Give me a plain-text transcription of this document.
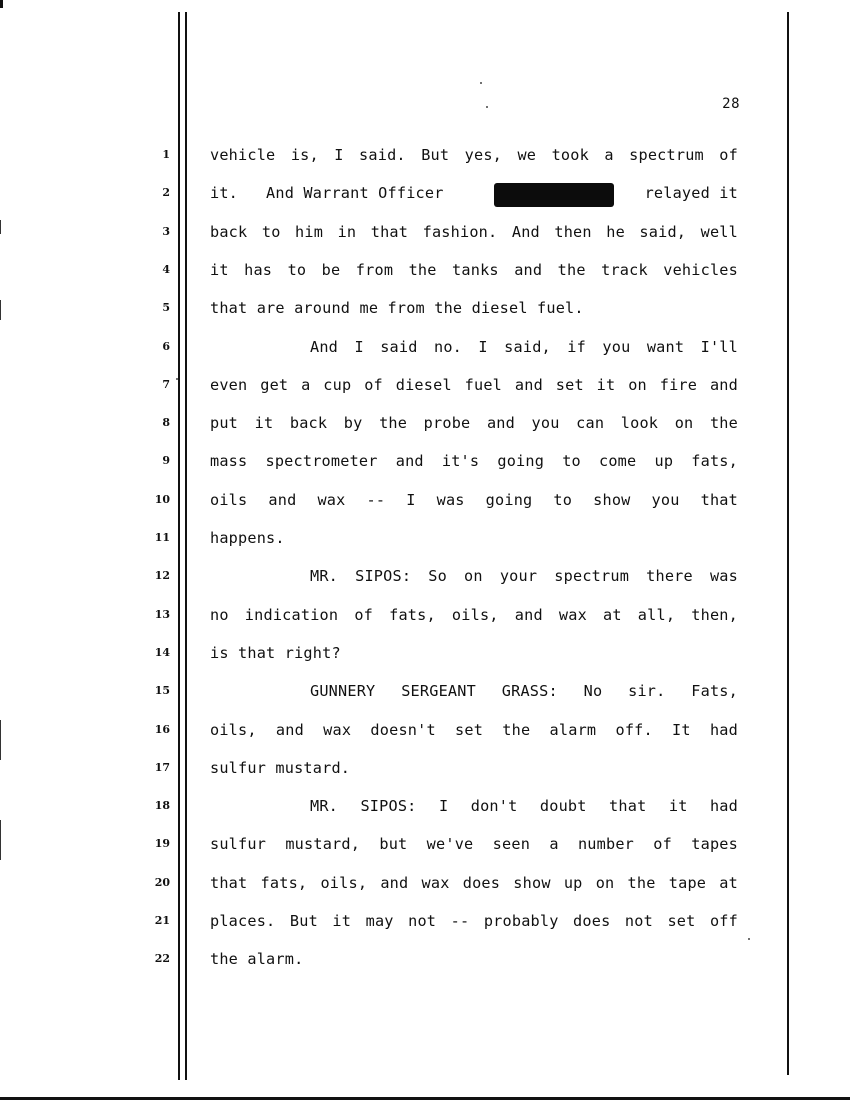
28
1
2
3
4
5
6
7
8
9
10
11
12
13
14
15
16
17
18
19
20
21
22
vehicle is, I said. But yes, we took a spectrum of
it.   And Warrant Officer	relayed it
back to him in that fashion. And then he said, well
it has to be from the tanks and the track vehicles
that are around me from the diesel fuel.
And I said no. I said, if you want I'll
even get a cup of diesel fuel and set it on fire and
put it back by the probe and you can look on the
mass spectrometer and it's going to come up fats,
oils and wax -- I was going to show you that
happens.
MR. SIPOS: So on your spectrum there was
no indication of fats, oils, and wax at all, then,
is that right?
GUNNERY SERGEANT GRASS: No sir. Fats,
oils, and wax doesn't set the alarm off. It had
sulfur mustard.
MR. SIPOS: I don't doubt that it had
sulfur mustard, but we've seen a number of tapes
that fats, oils, and wax does show up on the tape at
places. But it may not -- probably does not set off
the alarm.
